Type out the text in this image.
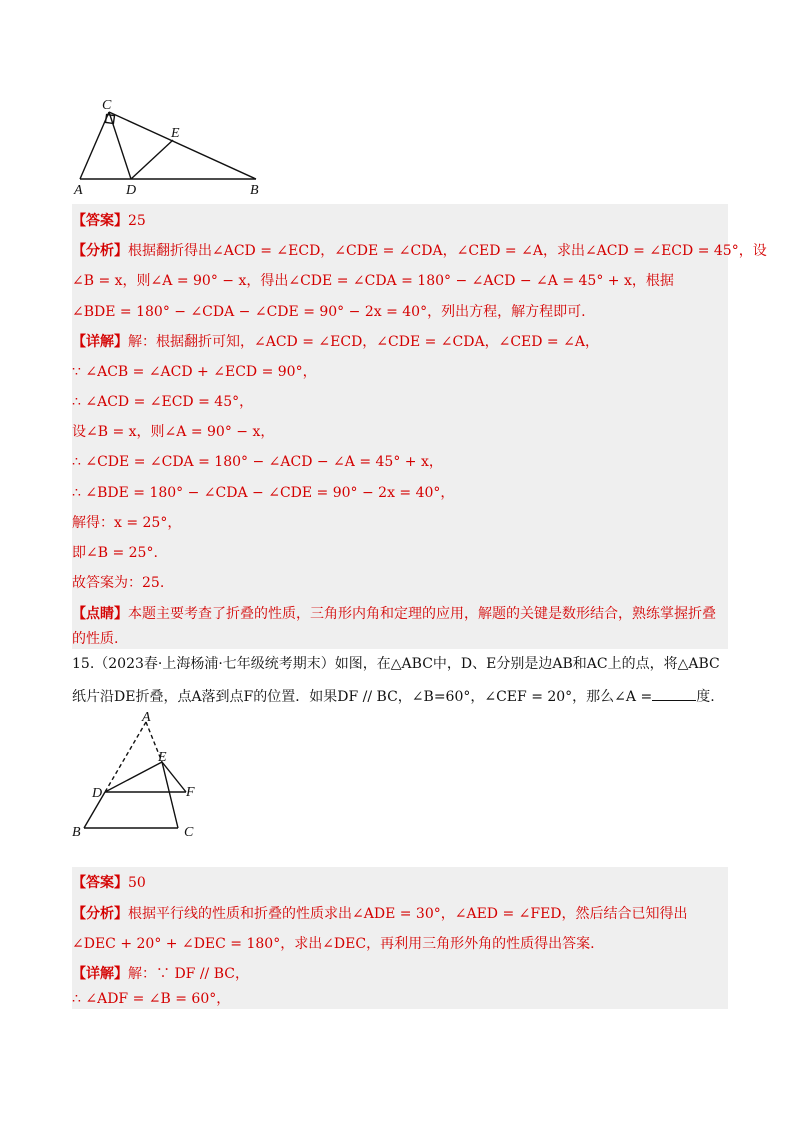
C
E
A	D	B
【答案】25
【分析】根据翻折得出∠ACD = ∠ECD，∠CDE = ∠CDA，∠CED = ∠A，求出∠ACD = ∠ECD = 45°，设
∠B = x，则∠A = 90° − x，得出∠CDE = ∠CDA = 180° − ∠ACD − ∠A = 45° + x，根据
∠BDE = 180° − ∠CDA − ∠CDE = 90° − 2x = 40°，列出方程，解方程即可.
【详解】解：根据翻折可知，∠ACD = ∠ECD，∠CDE = ∠CDA，∠CED = ∠A，
∵ ∠ACB = ∠ACD + ∠ECD = 90°，
∴ ∠ACD = ∠ECD = 45°，
设∠B = x，则∠A = 90° − x，
∴ ∠CDE = ∠CDA = 180° − ∠ACD − ∠A = 45° + x，
∴ ∠BDE = 180° − ∠CDA − ∠CDE = 90° − 2x = 40°，
解得：x = 25°，
即∠B = 25°.
故答案为：25.
【点睛】本题主要考查了折叠的性质，三角形内角和定理的应用，解题的关键是数形结合，熟练掌握折叠
的性质.
15.（2023春·上海杨浦·七年级统考期末）如图，在△ABC中，D、E分别是边AB和AC上的点，将△ABC
纸片沿DE折叠，点A落到点F的位置．如果DF // BC，∠B=60°，∠CEF = 20°，那么∠A =	度.
A
E
D	F
B	C
【答案】50
【分析】根据平行线的性质和折叠的性质求出∠ADE = 30°，∠AED = ∠FED，然后结合已知得出
∠DEC + 20° + ∠DEC = 180°，求出∠DEC，再利用三角形外角的性质得出答案.
【详解】解：∵ DF // BC，
∴ ∠ADF = ∠B = 60°，
